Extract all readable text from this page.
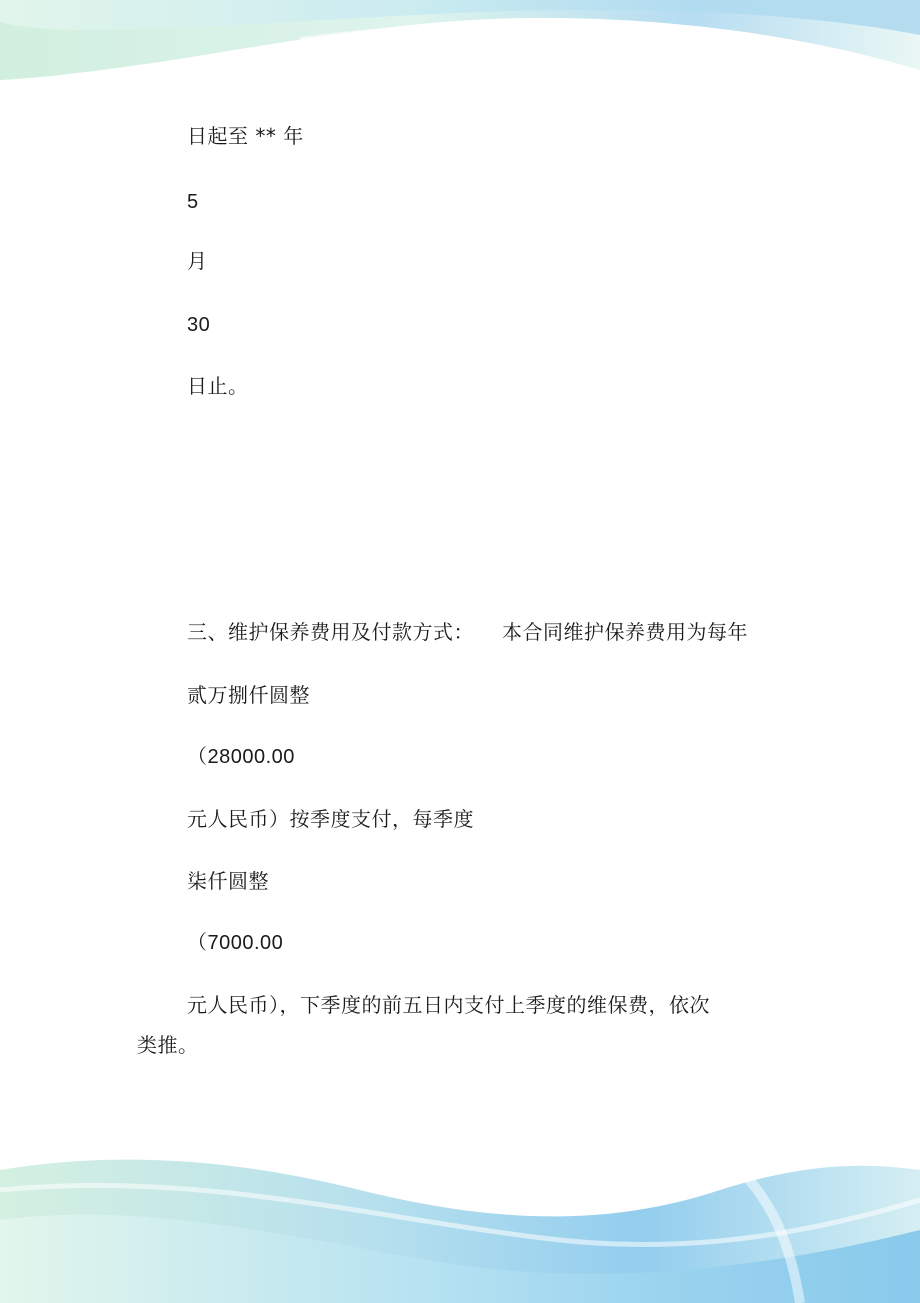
日起至 ** 年
5
月
30
日止。
三、维护保养费用及付款方式： 本合同维护保养费用为每年
贰万捌仟圆整
（28000.00
元人民币）按季度支付，每季度
柒仟圆整
（7000.00
元人民币），下季度的前五日内支付上季度的维保费，依次
类推。
